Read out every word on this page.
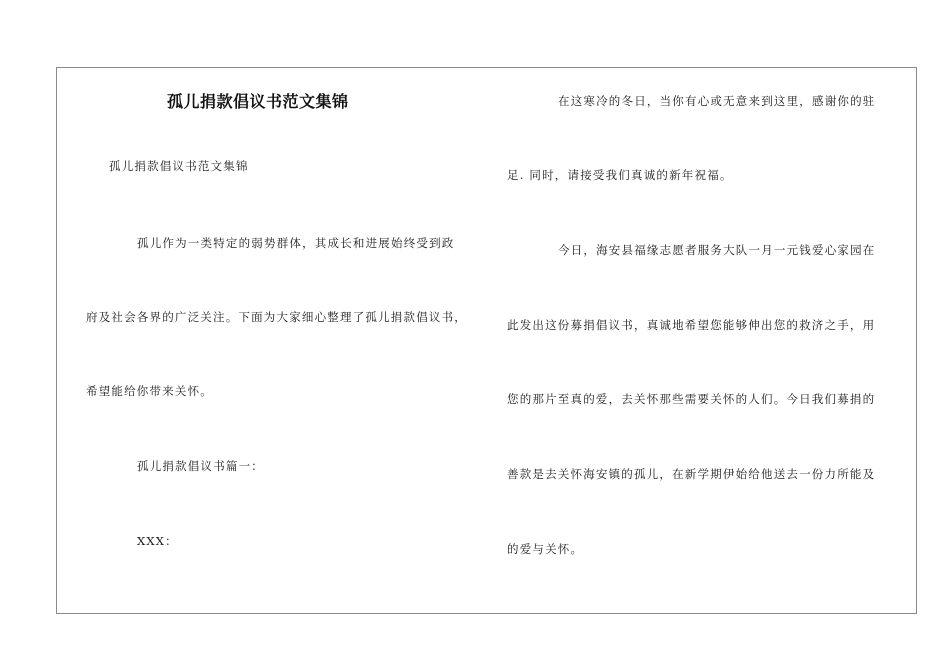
孤儿捐款倡议书范文集锦
孤儿捐款倡议书范文集锦
孤儿作为一类特定的弱势群体，其成长和进展始终受到政
府及社会各界的广泛关注。下面为大家细心整理了孤儿捐款倡议书，
希望能给你带来关怀。
孤儿捐款倡议书篇一：
XXX：
在这寒冷的冬日，当你有心或无意来到这里，感谢你的驻
足. 同时，请接受我们真诚的新年祝福。
今日，海安县福缘志愿者服务大队一月一元钱爱心家园在
此发出这份募捐倡议书，真诚地希望您能够伸出您的救济之手，用
您的那片至真的爱，去关怀那些需要关怀的人们。今日我们募捐的
善款是去关怀海安镇的孤儿，在新学期伊始给他送去一份力所能及
的爱与关怀。
